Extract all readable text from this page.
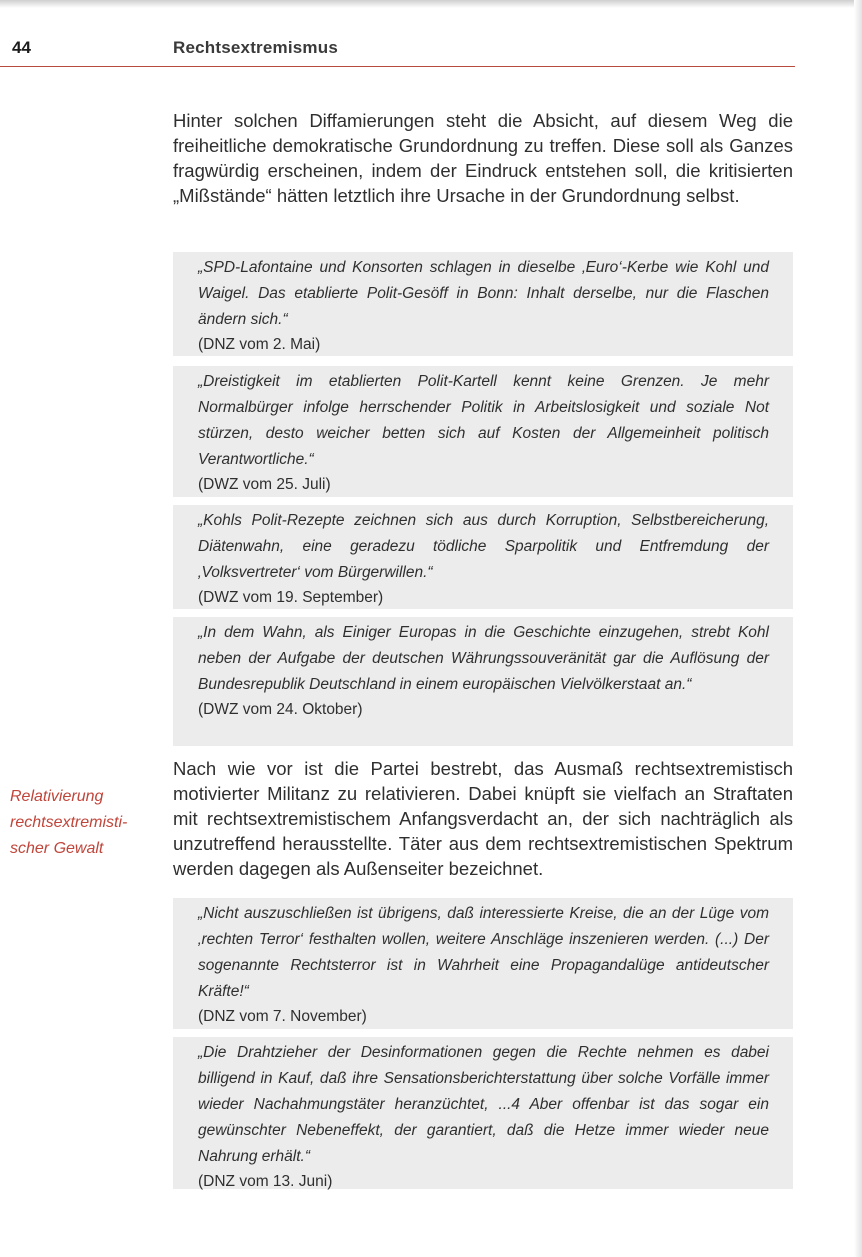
44	Rechtsextremismus

Hinter solchen Diffamierungen steht die Absicht, auf diesem Weg die freiheitliche demokratische Grundordnung zu treffen. Diese soll als Ganzes fragwürdig erscheinen, indem der Eindruck entstehen soll, die kritisierten „Mißstände“ hätten letztlich ihre Ursache in der Grundordnung selbst.

„SPD-Lafontaine und Konsorten schlagen in dieselbe ‚Euro‘-Kerbe wie Kohl und Waigel. Das etablierte Polit-Gesöff in Bonn: Inhalt derselbe, nur die Flaschen ändern sich.“

(DNZ vom 2. Mai)

„Dreistigkeit im etablierten Polit-Kartell kennt keine Grenzen. Je mehr Normalbürger infolge herrschender Politik in Arbeitslosigkeit und soziale Not stürzen, desto weicher betten sich auf Kosten der Allgemeinheit politisch Verantwortliche.“

(DWZ vom 25. Juli)

„Kohls Polit-Rezepte zeichnen sich aus durch Korruption, Selbstbereicherung, Diätenwahn, eine geradezu tödliche Sparpolitik und Entfremdung der ‚Volksvertreter‘ vom Bürgerwillen.“

(DWZ vom 19. September)

„In dem Wahn, als Einiger Europas in die Geschichte einzugehen, strebt Kohl neben der Aufgabe der deutschen Währungssouveränität gar die Auflösung der Bundesrepublik Deutschland in einem europäischen Vielvölkerstaat an.“

(DWZ vom 24. Oktober)

Relativierung
rechtsextremisti-
scher Gewalt

Nach wie vor ist die Partei bestrebt, das Ausmaß rechtsextremistisch motivierter Militanz zu relativieren. Dabei knüpft sie vielfach an Straftaten mit rechtsextremistischem Anfangsverdacht an, der sich nachträglich als unzutreffend herausstellte. Täter aus dem rechtsextremistischen Spektrum werden dagegen als Außenseiter bezeichnet.

„Nicht auszuschließen ist übrigens, daß interessierte Kreise, die an der Lüge vom ‚rechten Terror‘ festhalten wollen, weitere Anschläge inszenieren werden. (...) Der sogenannte Rechtsterror ist in Wahrheit eine Propagandalüge antideutscher Kräfte!“

(DNZ vom 7. November)

„Die Drahtzieher der Desinformationen gegen die Rechte nehmen es dabei billigend in Kauf, daß ihre Sensationsberichterstattung über solche Vorfälle immer wieder Nachahmungstäter heranzüchtet, ...4 Aber offenbar ist das sogar ein gewünschter Nebeneffekt, der garantiert, daß die Hetze immer wieder neue Nahrung erhält.“

(DNZ vom 13. Juni)
